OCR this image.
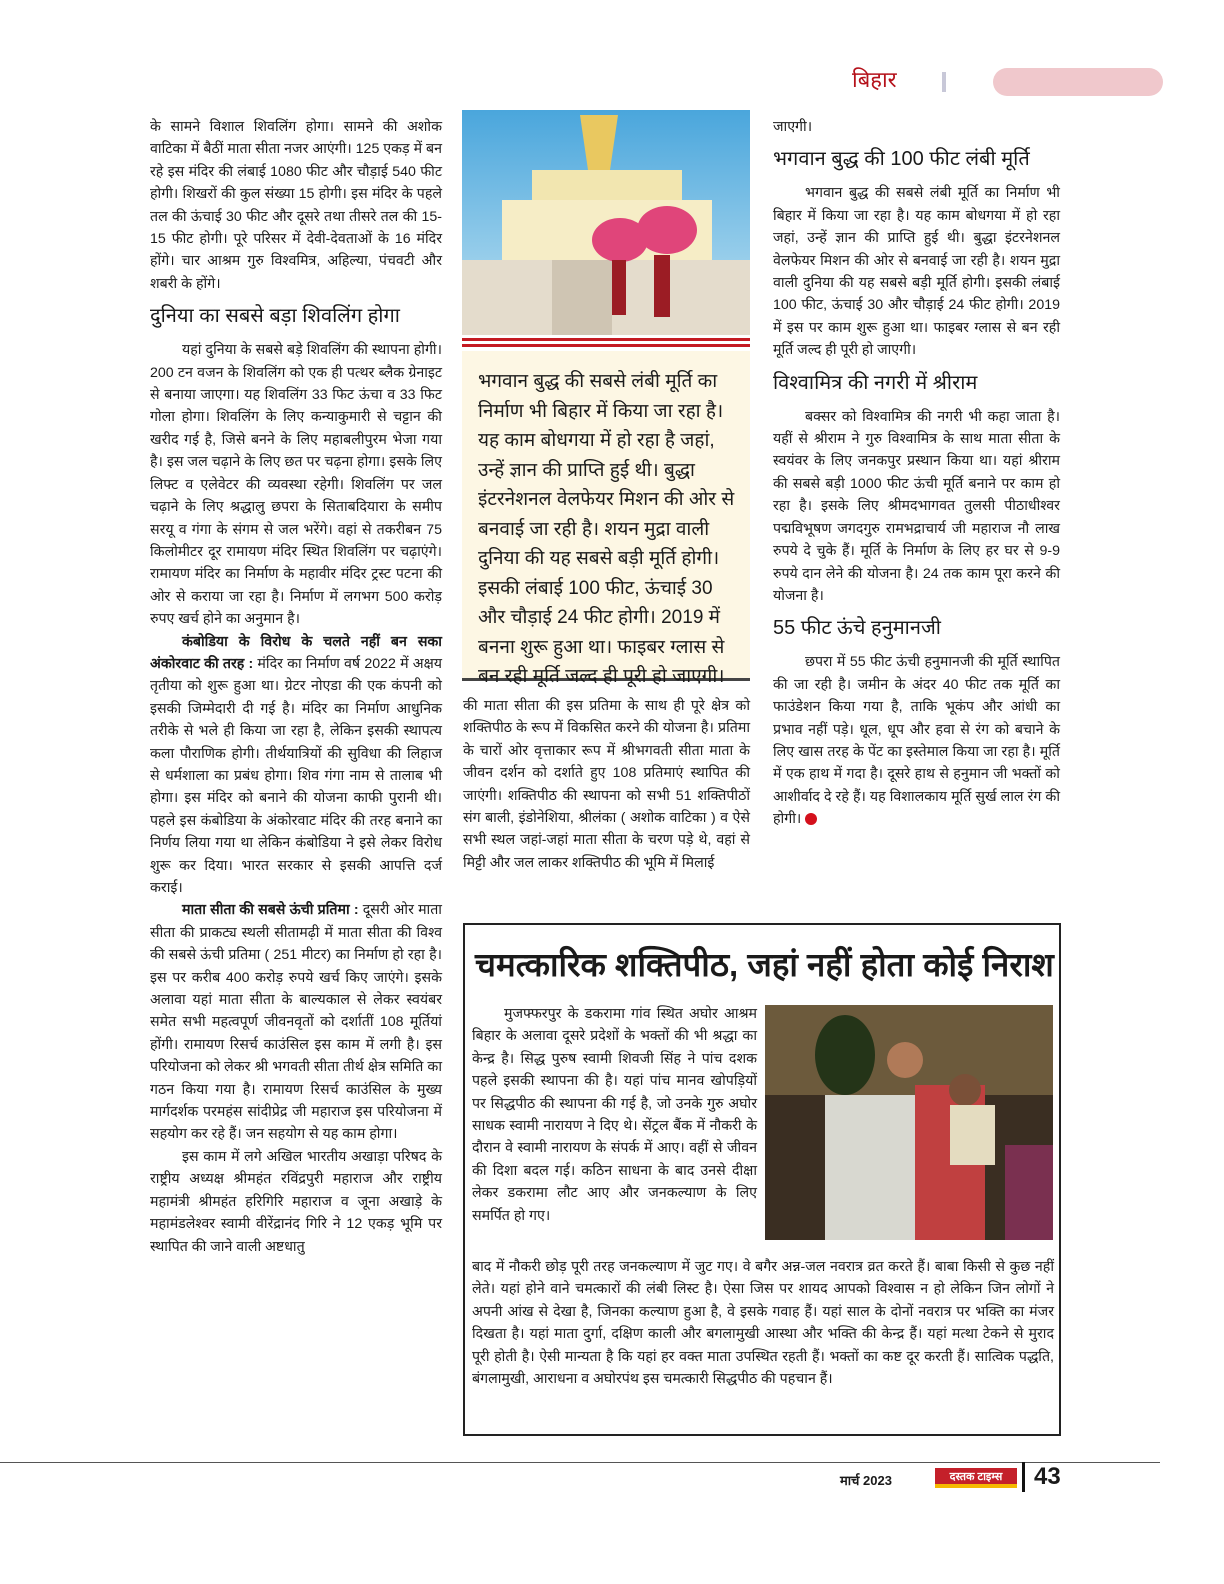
बिहार

के सामने विशाल शिवलिंग होगा। सामने की अशोक वाटिका में बैठीं माता सीता नजर आएंगी। 125 एकड़ में बन रहे इस मंदिर की लंबाई 1080 फीट और चौड़ाई 540 फीट होगी। शिखरों की कुल संख्या 15 होगी। इस मंदिर के पहले तल की ऊंचाई 30 फीट और दूसरे तथा तीसरे तल की 15-15 फीट होगी। पूरे परिसर में देवी-देवताओं के 16 मंदिर होंगे। चार आश्रम गुरु विश्वमित्र, अहिल्या, पंचवटी और शबरी के होंगे।

दुनिया का सबसे बड़ा शिवलिंग होगा

यहां दुनिया के सबसे बड़े शिवलिंग की स्थापना होगी। 200 टन वजन के शिवलिंग को एक ही पत्थर ब्लैक ग्रेनाइट से बनाया जाएगा। यह शिवलिंग 33 फिट ऊंचा व 33 फिट गोला होगा। शिवलिंग के लिए कन्याकुमारी से चट्टान की खरीद गई है, जिसे बनने के लिए महाबलीपुरम भेजा गया है। इस जल चढ़ाने के लिए छत पर चढ़ना होगा। इसके लिए लिफ्ट व एलेवेटर की व्यवस्था रहेगी। शिवलिंग पर जल चढ़ाने के लिए श्रद्धालु छपरा के सिताबदियारा के समीप सरयू व गंगा के संगम से जल भरेंगे। वहां से तकरीबन 75 किलोमीटर दूर रामायण मंदिर स्थित शिवलिंग पर चढ़ाएंगे। रामायण मंदिर का निर्माण के महावीर मंदिर ट्रस्ट पटना की ओर से कराया जा रहा है। निर्माण में लगभग 500 करोड़ रुपए खर्च होने का अनुमान है।

कंबोडिया के विरोध के चलते नहीं बन सका अंकोरवाट की तरह : मंदिर का निर्माण वर्ष 2022 में अक्षय तृतीया को शुरू हुआ था। ग्रेटर नोएडा की एक कंपनी को इसकी जिम्मेदारी दी गई है। मंदिर का निर्माण आधुनिक तरीके से भले ही किया जा रहा है, लेकिन इसकी स्थापत्य कला पौराणिक होगी। तीर्थयात्रियों की सुविधा की लिहाज से धर्मशाला का प्रबंध होगा। शिव गंगा नाम से तालाब भी होगा। इस मंदिर को बनाने की योजना काफी पुरानी थी। पहले इस कंबोडिया के अंकोरवाट मंदिर की तरह बनाने का निर्णय लिया गया था लेकिन कंबोडिया ने इसे लेकर विरोध शुरू कर दिया। भारत सरकार से इसकी आपत्ति दर्ज कराई।

माता सीता की सबसे ऊंची प्रतिमा : दूसरी ओर माता सीता की प्राकट्य स्थली सीतामढ़ी में माता सीता की विश्व की सबसे ऊंची प्रतिमा ( 251 मीटर) का निर्माण हो रहा है। इस पर करीब 400 करोड़ रुपये खर्च किए जाएंगे। इसके अलावा यहां माता सीता के बाल्यकाल से लेकर स्वयंबर समेत सभी महत्वपूर्ण जीवनवृतों को दर्शातीं 108 मूर्तियां होंगी। रामायण रिसर्च काउंसिल इस काम में लगी है। इस परियोजना को लेकर श्री भगवती सीता तीर्थ क्षेत्र समिति का गठन किया गया है। रामायण रिसर्च काउंसिल के मुख्य मार्गदर्शक परमहंस सांदीप्रेद्र जी महाराज इस परियोजना में सहयोग कर रहे हैं। जन सहयोग से यह काम होगा।

इस काम में लगे अखिल भारतीय अखाड़ा परिषद के राष्ट्रीय अध्यक्ष श्रीमहंत रविंद्रपुरी महाराज और राष्ट्रीय महामंत्री श्रीमहंत हरिगिरि महाराज व जूना अखाड़े के महामंडलेश्वर स्वामी वीरेंद्रानंद गिरि ने 12 एकड़ भूमि पर स्थापित की जाने वाली अष्टधातु

भगवान बुद्ध की सबसे लंबी मूर्ति का निर्माण भी बिहार में किया जा रहा है। यह काम बोधगया में हो रहा है जहां, उन्हें ज्ञान की प्राप्ति हुई थी। बुद्धा इंटरनेशनल वेलफेयर मिशन की ओर से बनवाई जा रही है। शयन मुद्रा वाली दुनिया की यह सबसे बड़ी मूर्ति होगी। इसकी लंबाई 100 फीट, ऊंचाई 30 और चौड़ाई 24 फीट होगी। 2019 में बनना शुरू हुआ था। फाइबर ग्लास से बन रही मूर्ति जल्द ही पूरी हो जाएगी।

की माता सीता की इस प्रतिमा के साथ ही पूरे क्षेत्र को शक्तिपीठ के रूप में विकसित करने की योजना है। प्रतिमा के चारों ओर वृत्ताकार रूप में श्रीभगवती सीता माता के जीवन दर्शन को दर्शाते हुए 108 प्रतिमाएं स्थापित की जाएंगी। शक्तिपीठ की स्थापना को सभी 51 शक्तिपीठों संग बाली, इंडोनेशिया, श्रीलंका ( अशोक वाटिका ) व ऐसे सभी स्थल जहां-जहां माता सीता के चरण पड़े थे, वहां से मिट्टी और जल लाकर शक्तिपीठ की भूमि में मिलाई

जाएगी।

भगवान बुद्ध की 100 फीट लंबी मूर्ति

भगवान बुद्ध की सबसे लंबी मूर्ति का निर्माण भी बिहार में किया जा रहा है। यह काम बोधगया में हो रहा जहां, उन्हें ज्ञान की प्राप्ति हुई थी। बुद्धा इंटरनेशनल वेलफेयर मिशन की ओर से बनवाई जा रही है। शयन मुद्रा वाली दुनिया की यह सबसे बड़ी मूर्ति होगी। इसकी लंबाई 100 फीट, ऊंचाई 30 और चौड़ाई 24 फीट होगी। 2019 में इस पर काम शुरू हुआ था। फाइबर ग्लास से बन रही मूर्ति जल्द ही पूरी हो जाएगी।

विश्वामित्र की नगरी में श्रीराम

बक्सर को विश्वामित्र की नगरी भी कहा जाता है। यहीं से श्रीराम ने गुरु विश्वामित्र के साथ माता सीता के स्वयंवर के लिए जनकपुर प्रस्थान किया था। यहां श्रीराम की सबसे बड़ी 1000 फीट ऊंची मूर्ति बनाने पर काम हो रहा है। इसके लिए श्रीमदभागवत तुलसी पीठाधीश्वर पद्मविभूषण जगदगुरु रामभद्राचार्य जी महाराज नौ लाख रुपये दे चुके हैं। मूर्ति के निर्माण के लिए हर घर से 9-9 रुपये दान लेने की योजना है। 24 तक काम पूरा करने की योजना है।

55 फीट ऊंचे हनुमानजी

छपरा में 55 फीट ऊंची हनुमानजी की मूर्ति स्थापित की जा रही है। जमीन के अंदर 40 फीट तक मूर्ति का फाउंडेशन किया गया है, ताकि भूकंप और आंधी का प्रभाव नहीं पड़े। धूल, धूप और हवा से रंग को बचाने के लिए खास तरह के पेंट का इस्तेमाल किया जा रहा है। मूर्ति में एक हाथ में गदा है। दूसरे हाथ से हनुमान जी भक्तों को आशीर्वाद दे रहे हैं। यह विशालकाय मूर्ति सुर्ख लाल रंग की होगी।

चमत्कारिक शक्तिपीठ, जहां नहीं होता कोई निराश

मुजफ्फरपुर के डकरामा गांव स्थित अघोर आश्रम बिहार के अलावा दूसरे प्रदेशों के भक्तों की भी श्रद्धा का केन्द्र है। सिद्ध पुरुष स्वामी शिवजी सिंह ने पांच दशक पहले इसकी स्थापना की है। यहां पांच मानव खोपड़ियों पर सिद्धपीठ की स्थापना की गई है, जो उनके गुरु अघोर साधक स्वामी नारायण ने दिए थे। सेंट्रल बैंक में नौकरी के दौरान वे स्वामी नारायण के संपर्क में आए। वहीं से जीवन की दिशा बदल गई। कठिन साधना के बाद उनसे दीक्षा लेकर डकरामा लौट आए और जनकल्याण के लिए समर्पित हो गए।

बाद में नौकरी छोड़ पूरी तरह जनकल्याण में जुट गए। वे बगैर अन्न-जल नवरात्र व्रत करते हैं। बाबा किसी से कुछ नहीं लेते। यहां होने वाने चमत्कारों की लंबी लिस्ट है। ऐसा जिस पर शायद आपको विश्वास न हो लेकिन जिन लोगों ने अपनी आंख से देखा है, जिनका कल्याण हुआ है, वे इसके गवाह हैं। यहां साल के दोनों नवरात्र पर भक्ति का मंजर दिखता है। यहां माता दुर्गा, दक्षिण काली और बगलामुखी आस्था और भक्ति की केन्द्र हैं। यहां मत्था टेकने से मुराद पूरी होती है। ऐसी मान्यता है कि यहां हर वक्त माता उपस्थित रहती हैं। भक्तों का कष्ट दूर करती हैं। सात्विक पद्धति, बंगलामुखी, आराधना व अघोरपंथ इस चमत्कारी सिद्धपीठ की पहचान हैं।

मार्च 2023	दस्तक टाइम्स	43
